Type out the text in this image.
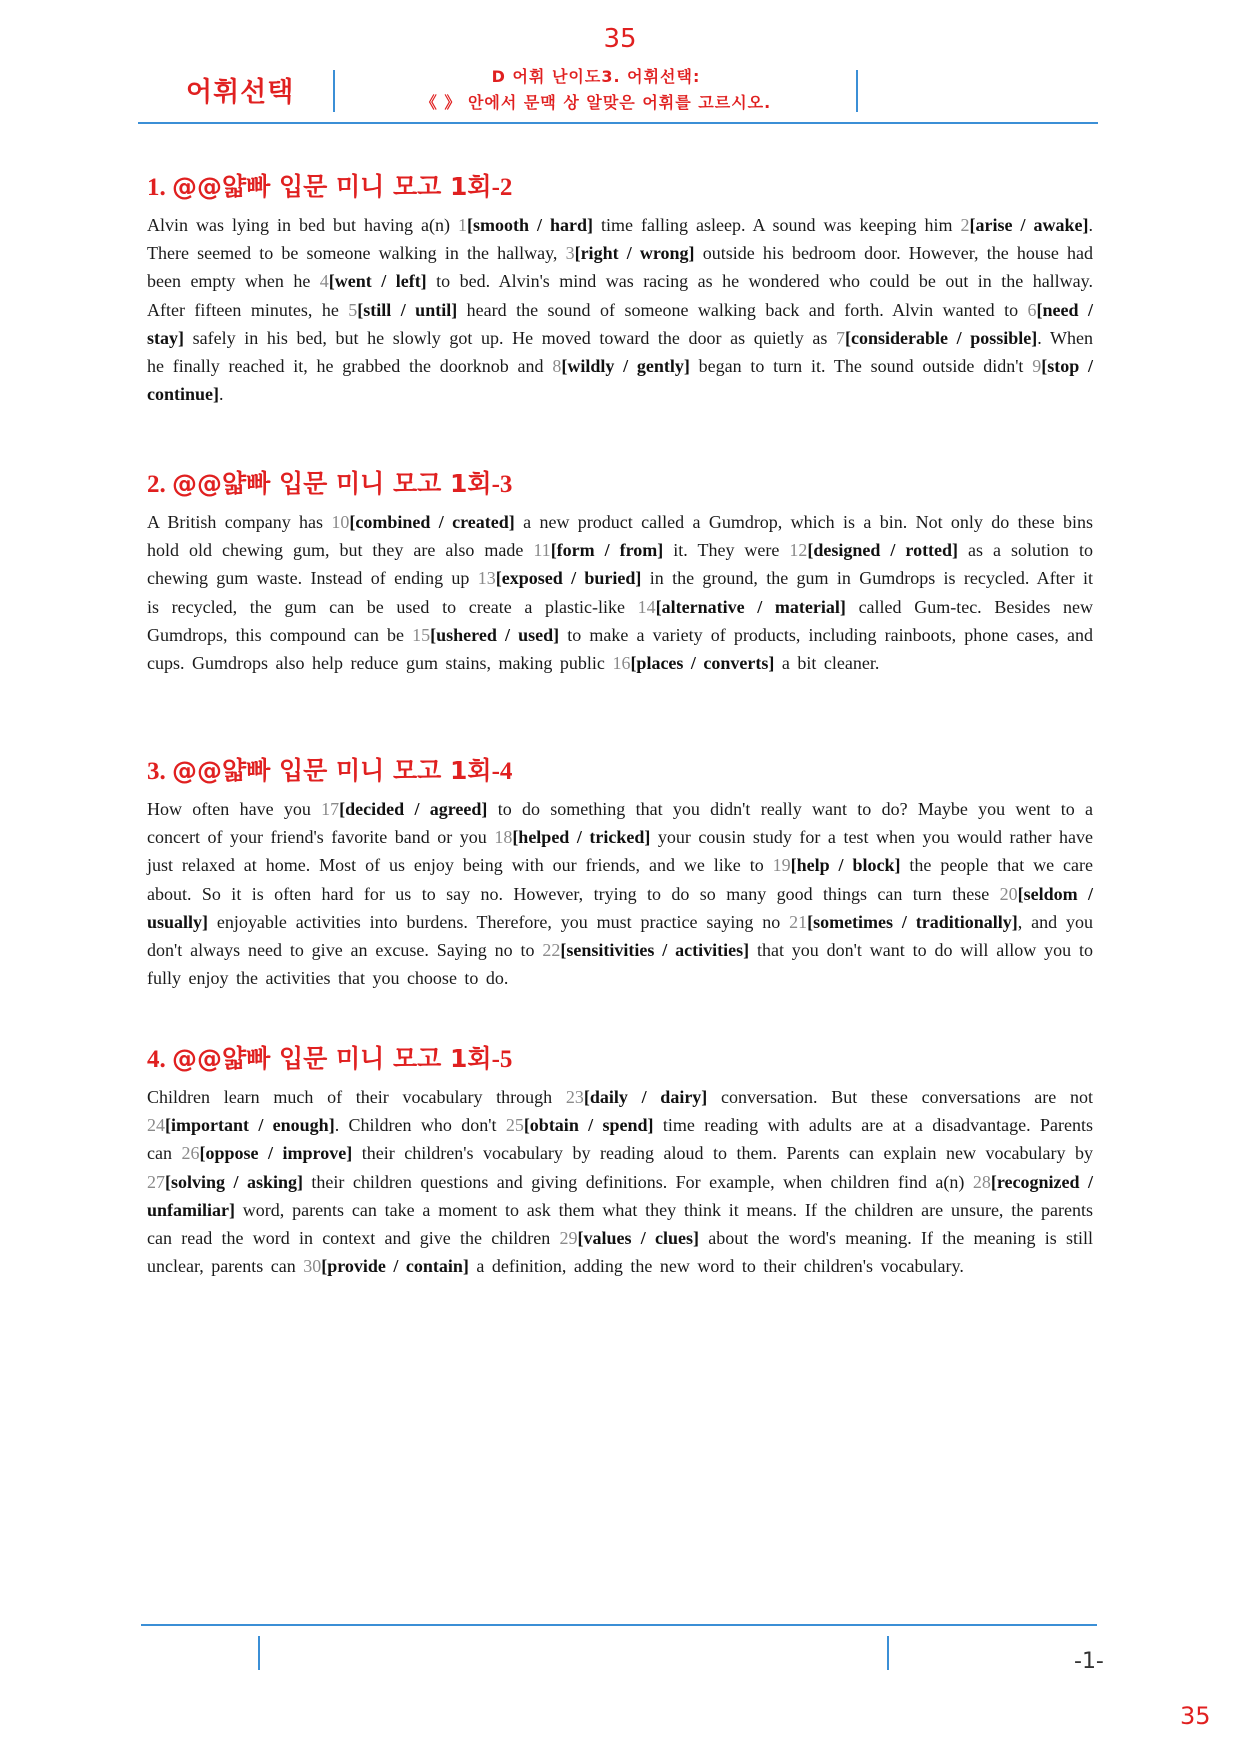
35
어휘선택
D 어휘 난이도3. 어휘선택:
《 》 안에서 문맥 상 알맞은 어휘를 고르시오.
1. @@얇빠 입문 미니 모고 1회-2
Alvin was lying in bed but having a(n) 1[smooth / hard] time falling asleep. A sound was keeping him 2[arise / awake]. There seemed to be someone walking in the hallway, 3[right / wrong] outside his bedroom door. However, the house had been empty when he 4[went / left] to bed. Alvin's mind was racing as he wondered who could be out in the hallway. After fifteen minutes, he 5[still / until] heard the sound of someone walking back and forth. Alvin wanted to 6[need / stay] safely in his bed, but he slowly got up. He moved toward the door as quietly as 7[considerable / possible]. When he finally reached it, he grabbed the doorknob and 8[wildly / gently] began to turn it. The sound outside didn't 9[stop / continue].
2. @@얇빠 입문 미니 모고 1회-3
A British company has 10[combined / created] a new product called a Gumdrop, which is a bin. Not only do these bins hold old chewing gum, but they are also made 11[form / from] it. They were 12[designed / rotted] as a solution to chewing gum waste. Instead of ending up 13[exposed / buried] in the ground, the gum in Gumdrops is recycled. After it is recycled, the gum can be used to create a plastic-like 14[alternative / material] called Gum-tec. Besides new Gumdrops, this compound can be 15[ushered / used] to make a variety of products, including rainboots, phone cases, and cups. Gumdrops also help reduce gum stains, making public 16[places / converts] a bit cleaner.
3. @@얇빠 입문 미니 모고 1회-4
How often have you 17[decided / agreed] to do something that you didn't really want to do? Maybe you went to a concert of your friend's favorite band or you 18[helped / tricked] your cousin study for a test when you would rather have just relaxed at home. Most of us enjoy being with our friends, and we like to 19[help / block] the people that we care about. So it is often hard for us to say no. However, trying to do so many good things can turn these 20[seldom / usually] enjoyable activities into burdens. Therefore, you must practice saying no 21[sometimes / traditionally], and you don't always need to give an excuse. Saying no to 22[sensitivities / activities] that you don't want to do will allow you to fully enjoy the activities that you choose to do.
4. @@얇빠 입문 미니 모고 1회-5
Children learn much of their vocabulary through 23[daily / dairy] conversation. But these conversations are not 24[important / enough]. Children who don't 25[obtain / spend] time reading with adults are at a disadvantage. Parents can 26[oppose / improve] their children's vocabulary by reading aloud to them. Parents can explain new vocabulary by 27[solving / asking] their children questions and giving definitions. For example, when children find a(n) 28[recognized / unfamiliar] word, parents can take a moment to ask them what they think it means. If the children are unsure, the parents can read the word in context and give the children 29[values / clues] about the word's meaning. If the meaning is still unclear, parents can 30[provide / contain] a definition, adding the new word to their children's vocabulary.
-1-
35
